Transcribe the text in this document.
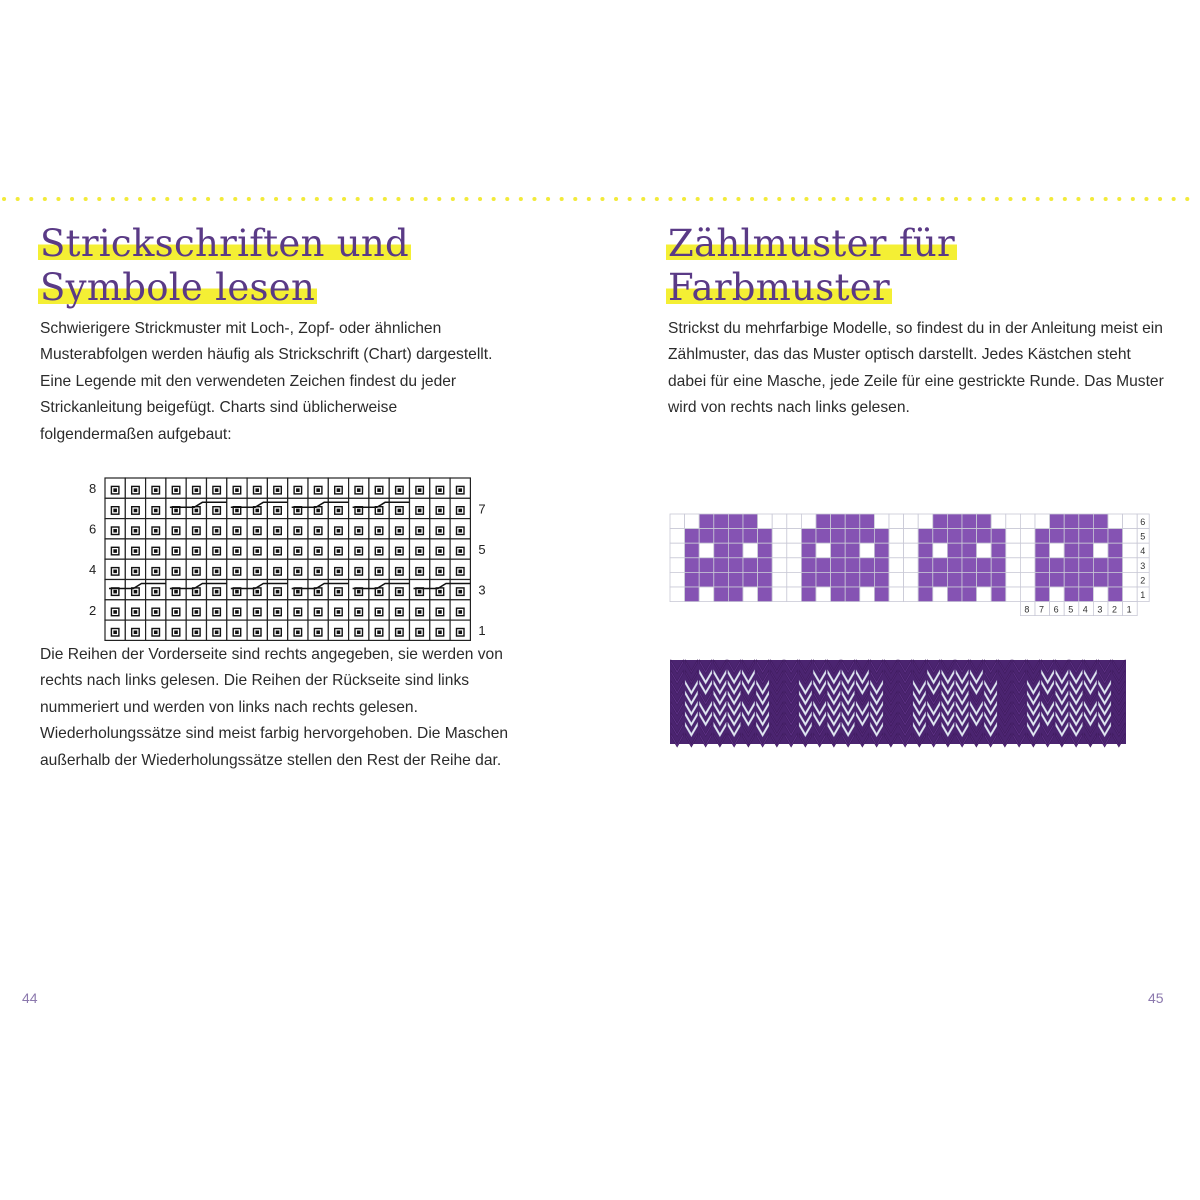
Strickschriften und
Symbole lesen

Schwierigere Strickmuster mit Loch-, Zopf- oder ähnlichen Musterabfolgen werden häufig als Strickschrift (Chart) dargestellt. Eine Legende mit den verwendeten Zeichen findest du jeder Strickanleitung beigefügt. Charts sind üblicherweise folgendermaßen aufgebaut:

7
5
3
1
8
6
4
2

Die Reihen der Vorderseite sind rechts angegeben, sie werden von rechts nach links gelesen. Die Reihen der Rückseite sind links nummeriert und werden von links nach rechts gelesen. Wiederholungssätze sind meist farbig hervorgehoben. Die Maschen außerhalb der Wiederholungssätze stellen den Rest der Reihe dar.

44
Zählmuster für
Farbmuster

Strickst du mehrfarbige Modelle, so findest du in der Anleitung meist ein Zählmuster, das das Muster optisch darstellt. Jedes Kästchen steht dabei für eine Masche, jede Zeile für eine gestrickte Runde. Das Muster wird von rechts nach links gelesen.

6
5
4
3
2
1
8 7 6 5 4 3 2 1
45
